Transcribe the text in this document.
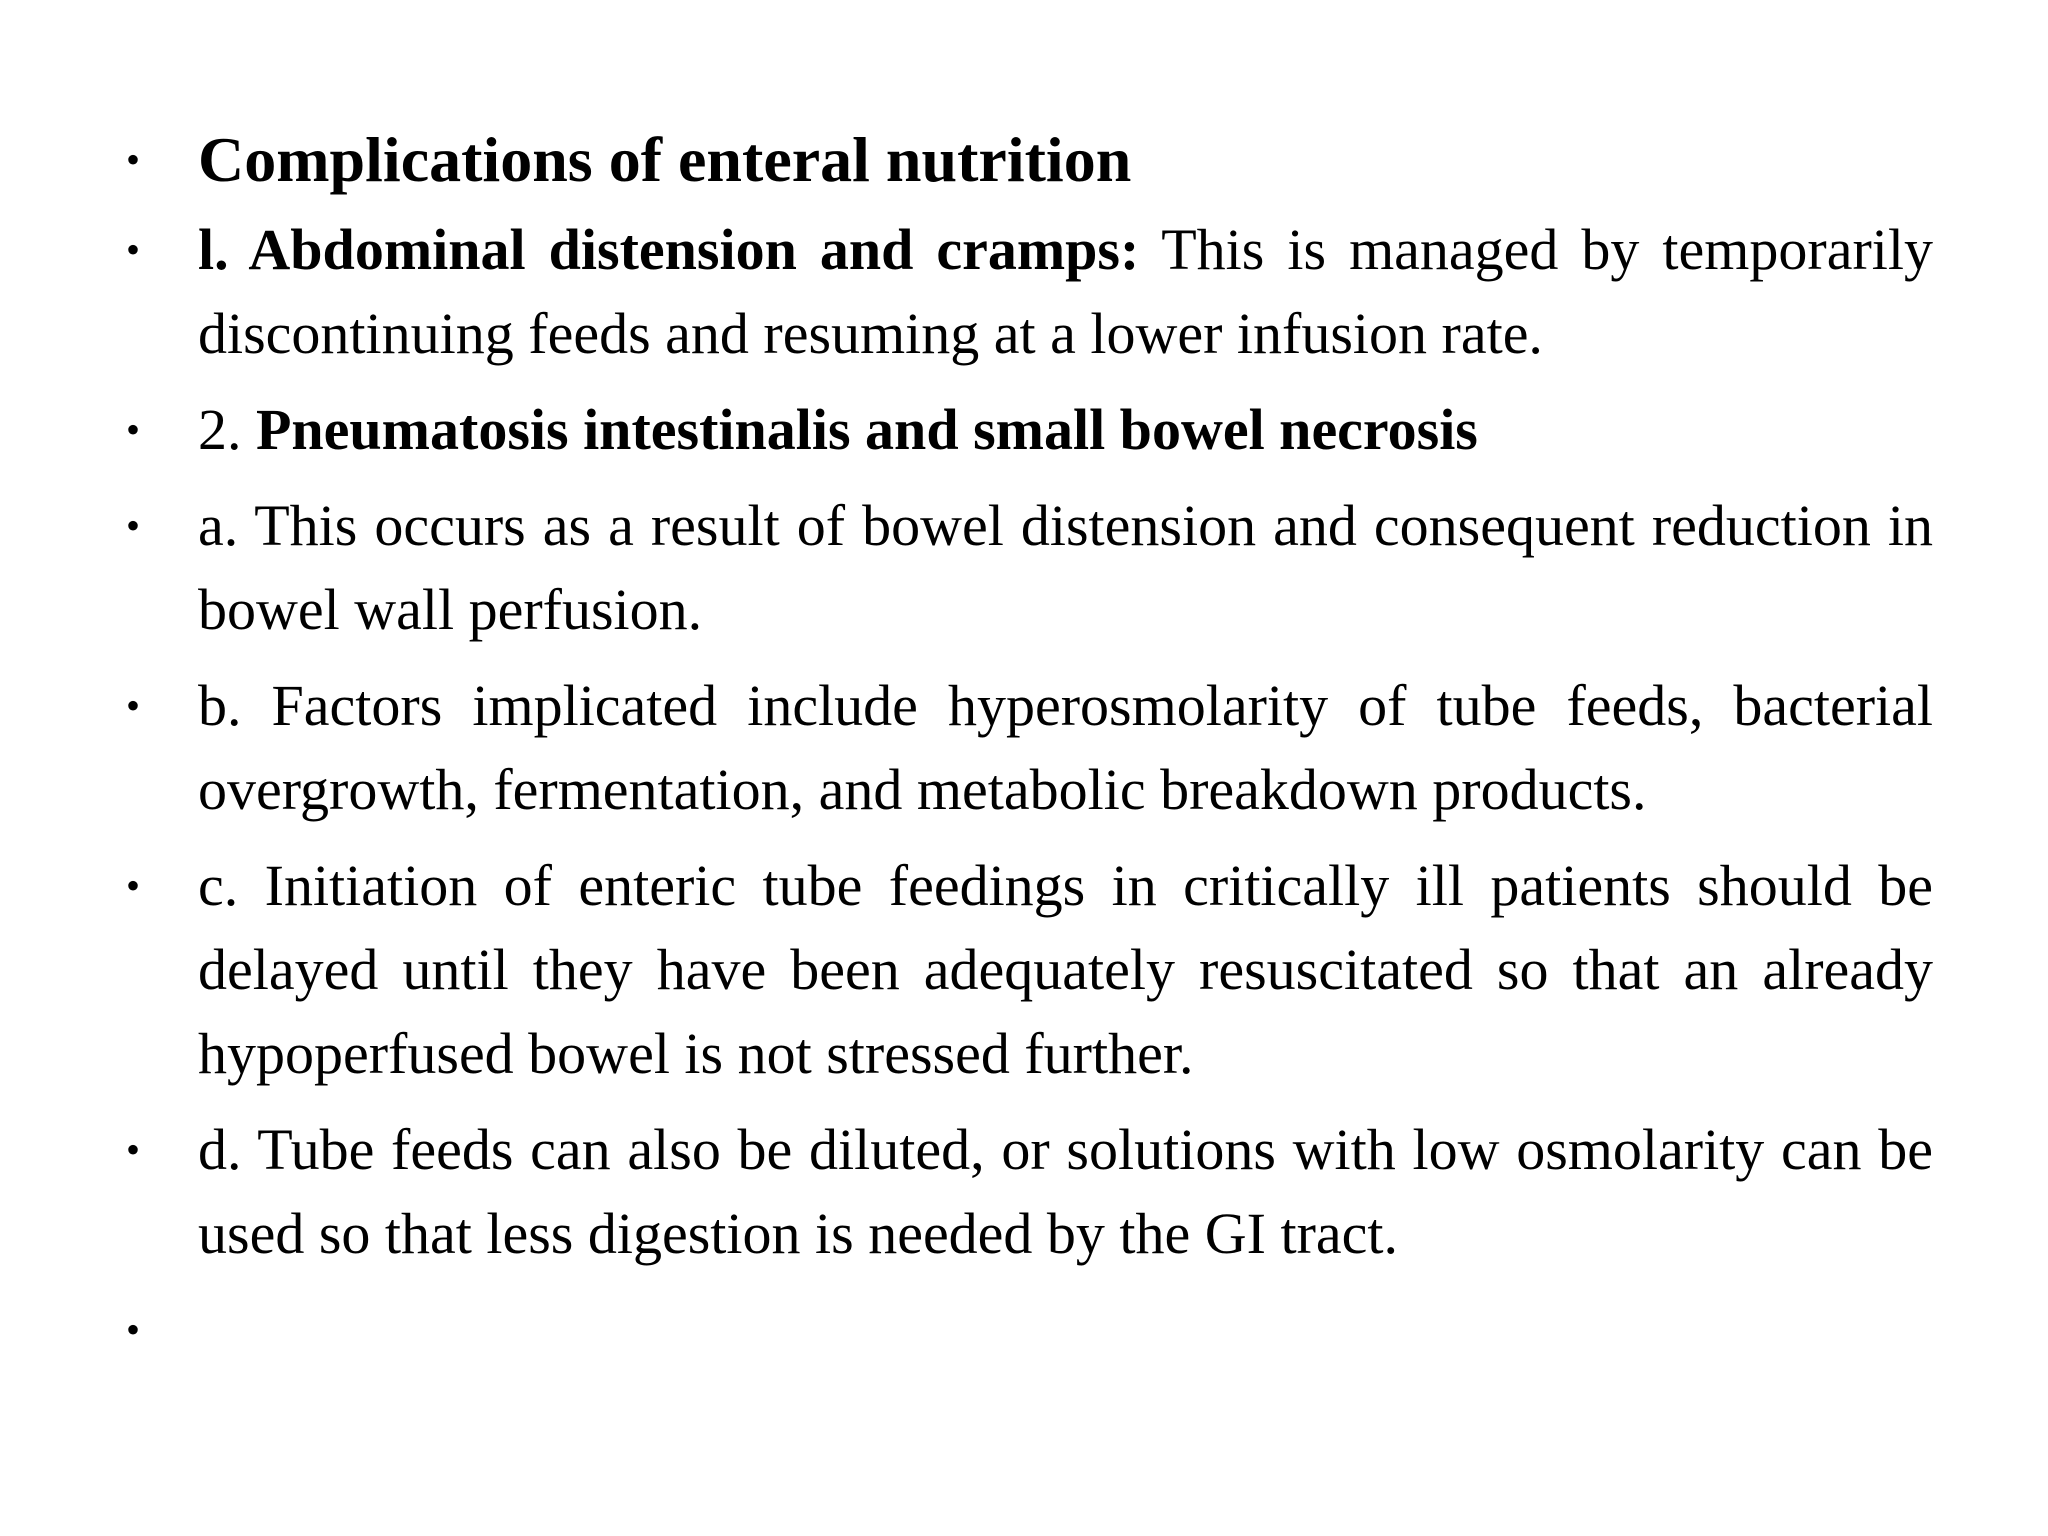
• Complications of enteral nutrition
• l. Abdominal distension and cramps: This is managed by temporarily discontinuing feeds and resuming at a lower infusion rate.
• 2. Pneumatosis intestinalis and small bowel necrosis
• a. This occurs as a result of bowel distension and consequent reduction in bowel wall perfusion.
• b. Factors implicated include hyperosmolarity of tube feeds, bacterial overgrowth, fermentation, and metabolic breakdown products.
• c. Initiation of enteric tube feedings in critically ill patients should be delayed until they have been adequately resuscitated so that an already hypoperfused bowel is not stressed further.
• d. Tube feeds can also be diluted, or solutions with low osmolarity can be used so that less digestion is needed by the GI tract.
•
